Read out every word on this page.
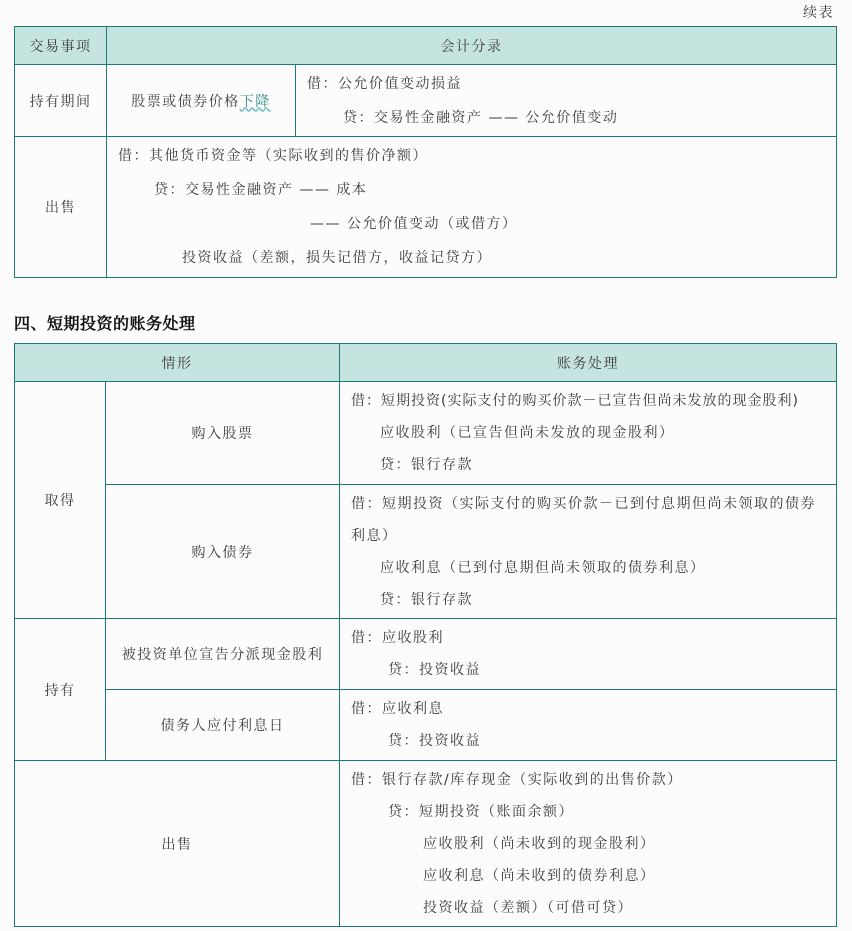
续表
交易事项	会计分录	
持有期间	股票或债券价格下降	借：公允价值变动损益
贷：交易性金融资产 —— 公允价值变动

出售	借：其他货币资金等（实际收到的售价净额）
贷：交易性金融资产 —— 成本
—— 公允价值变动（或借方）
投资收益（差额，损失记借方，收益记贷方）	
四、短期投资的账务处理
情形		账务处理
取得	购入股票	借：短期投资(实际支付的购买价款－已宣告但尚未发放的现金股利)
应收股利（已宣告但尚未发放的现金股利）
贷：银行存款

	购入债券	借：短期投资（实际支付的购买价款－已到付息期但尚未领取的债券利息）
应收利息（已到付息期但尚未领取的债券利息）
贷：银行存款

持有	被投资单位宣告分派现金股利	借：应收股利
贷：投资收益

	债务人应付利息日	借：应收利息
贷：投资收益

出售		借：银行存款/库存现金（实际收到的出售价款）
贷：短期投资（账面余额）
应收股利（尚未收到的现金股利）
应收利息（尚未收到的债券利息）
投资收益（差额）（可借可贷）
